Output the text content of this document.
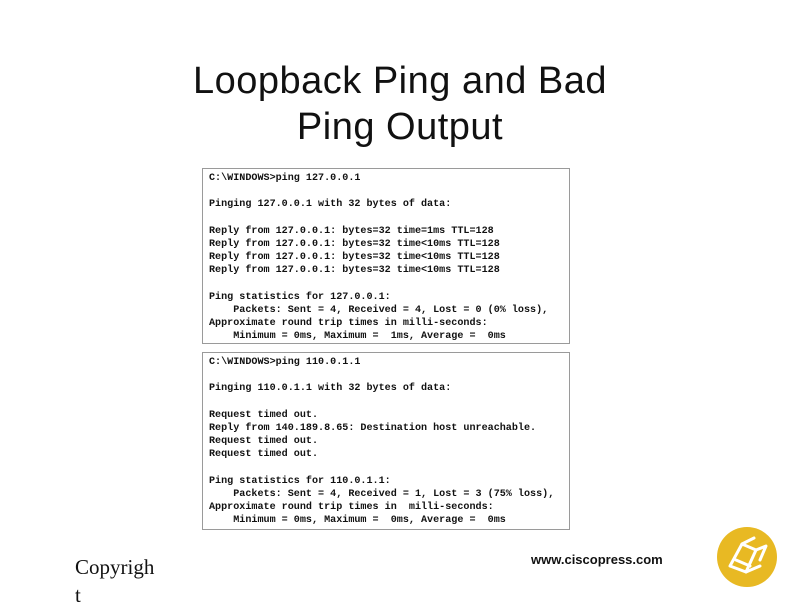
Loopback Ping and Bad
Ping Output
C:\WINDOWS>ping 127.0.0.1
Pinging 127.0.0.1 with 32 bytes of data:
Reply from 127.0.0.1: bytes=32 time=1ms TTL=128
Reply from 127.0.0.1: bytes=32 time<10ms TTL=128
Reply from 127.0.0.1: bytes=32 time<10ms TTL=128
Reply from 127.0.0.1: bytes=32 time<10ms TTL=128
Ping statistics for 127.0.0.1:
Packets: Sent = 4, Received = 4, Lost = 0 (0% loss),
Approximate round trip times in milli-seconds:
Minimum = 0ms, Maximum =  1ms, Average =  0ms
C:\WINDOWS>ping 110.0.1.1
Pinging 110.0.1.1 with 32 bytes of data:
Request timed out.
Reply from 140.189.8.65: Destination host unreachable.
Request timed out.
Request timed out.
Ping statistics for 110.0.1.1:
Packets: Sent = 4, Received = 1, Lost = 3 (75% loss),
Approximate round trip times in  milli-seconds:
Minimum = 0ms, Maximum =  0ms, Average =  0ms
Copyright
www.ciscopress.com
